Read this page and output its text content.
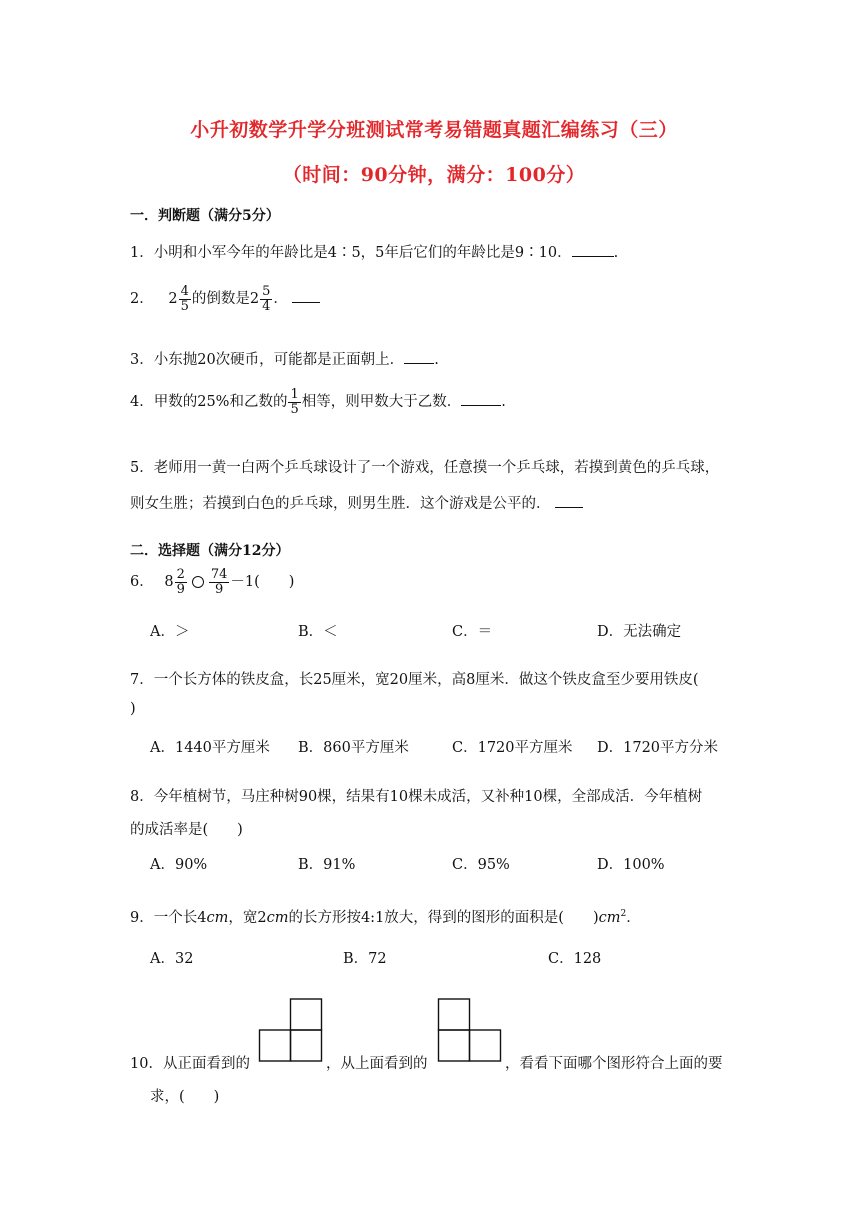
小升初数学升学分班测试常考易错题真题汇编练习（三）
（时间：90分钟，满分：100分）
一．判断题（满分5分）
1．小明和小军今年的年龄比是4∶5，5年后它们的年龄比是9∶10．	.
2． $2 \frac{4}{5}$ 的倒数是$2 \frac{5}{4}$ ．
3．小东抛20次硬币，可能都是正面朝上． .
4．甲数的25%和乙数的 $\frac{1}{5}$ 相等，则甲数大于乙数．	.
5．老师用一黄一白两个乒乓球设计了一个游戏，任意摸一个乒乓球，若摸到黄色的乒乓球，
则女生胜；若摸到白色的乒乓球，则男生胜．这个游戏是公平的．
二．选择题（满分12分）
6． $8 \frac{2}{9} \frac{74}{9} -1$(　　)
A．＞	B．＜	C．＝	D．无法确定
7．一个长方体的铁皮盒，长25厘米，宽20厘米，高8厘米．做这个铁皮盒至少要用铁皮(
)
A．1440平方厘米 B．860平方厘米	C．1720平方厘米 D．1720平方分米
8．今年植树节，马庄种树90棵，结果有10棵未成活，又补种10棵，全部成活．今年植树
的成活率是(　　)
A．90%	B．91%	C．95%	D．100%
9．一个长4cm，宽2cm的长方形按4:1放大，得到的图形的面积是(　　)$cm^2$．
A．32	B．72	C．128
10．从正面看到的	，从上面看到的	，看看下面哪个图形符合上面的要
求，(　　)
